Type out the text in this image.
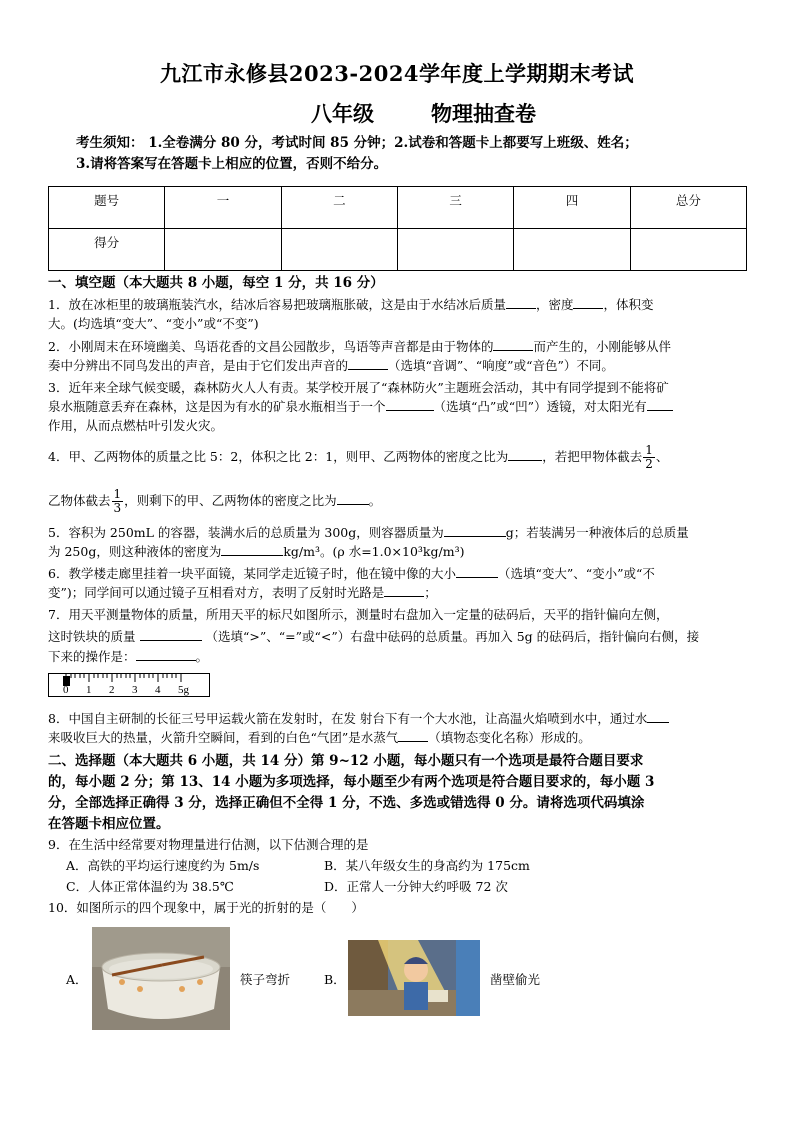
九江市永修县2023-2024学年度上学期期末考试
八年级	物理抽查卷
考生须知： 1.全卷满分 80 分，考试时间 85 分钟；2.试卷和答题卡上都要写上班级、姓名；
3.请将答案写在答题卡上相应的位置，否则不给分。
题号	一	二	三	四	总分
得分					
一、填空题（本大题共 8 小题，每空 1 分，共 16 分）
1．放在冰柜里的玻璃瓶装汽水，结冰后容易把玻璃瓶胀破，这是由于水结冰后质量 ，密度 ，体积变
大。(均选填“变大”、“变小”或“不变”)
2．小刚周末在环境幽美、鸟语花香的文昌公园散步，鸟语等声音都是由于物体的	而产生的，小刚能够从伴
奏中分辨出不同鸟发出的声音，是由于它们发出声音的	（选填“音调”、“响度”或“音色”）不同。
3．近年来全球气候变暖，森林防火人人有责。某学校开展了“森林防火”主题班会活动，其中有同学提到不能将矿
泉水瓶随意丢弃在森林，这是因为有水的矿泉水瓶相当于一个	（选填“凸”或“凹”）透镜，对太阳光有
作用，从而点燃枯叶引发火灾。
4．甲、乙两物体的质量之比 5：2，体积之比 2：1，则甲、乙两物体的密度之比为	，若把甲物体截去 $\frac{1}{2}$ 、
乙物体截去 $\frac{1}{3}$ ，则剩下的甲、乙两物体的密度之比为	。
5．容积为 250mL 的容器，装满水后的总质量为 300g，则容器质量为	g；若装满另一种液体后的总质量
为 250g，则这种液体的密度为	kg/m³。(ρ 水=1.0×10³kg/m³)
6．教学楼走廊里挂着一块平面镜，某同学走近镜子时，他在镜中像的大小	（选填“变大”、“变小”或“不
变”)；同学间可以通过镜子互相看对方，表明了反射时光路是	；
7．用天平测量物体的质量，所用天平的标尺如图所示，测量时右盘加入一定量的砝码后，天平的指针偏向左侧，
这时铁块的质量	（选填“>”、“=”或“<”）右盘中砝码的总质量。再加入 5g 的砝码后，指针偏向右侧，接
下来的操作是：	。
0 1 2 3 4 5g
8．中国自主研制的长征三号甲运载火箭在发射时，在发 射台下有一个大水池，让高温火焰喷到水中，通过水
来吸收巨大的热量，火箭升空瞬间，看到的白色“气团”是水蒸气 （填物态变化名称）形成的。
二、选择题（本大题共 6 小题，共 14 分）第 9~12 小题，每小题只有一个选项是最符合题目要求
的，每小题 2 分；第 13、14 小题为多项选择，每小题至少有两个选项是符合题目要求的，每小题 3
分，全部选择正确得 3 分，选择正确但不全得 1 分，不选、多选或错选得 0 分。请将选项代码填涂
在答题卡相应位置。
9．在生活中经常要对物理量进行估测，以下估测合理的是
A．高铁的平均运行速度约为 5m/s	B．某八年级女生的身高约为 175cm
C．人体正常体温约为 38.5℃	D．正常人一分钟大约呼吸 72 次
10．如图所示的四个现象中，属于光的折射的是（　　）
A．	筷子弯折	B．	凿壁偷光
